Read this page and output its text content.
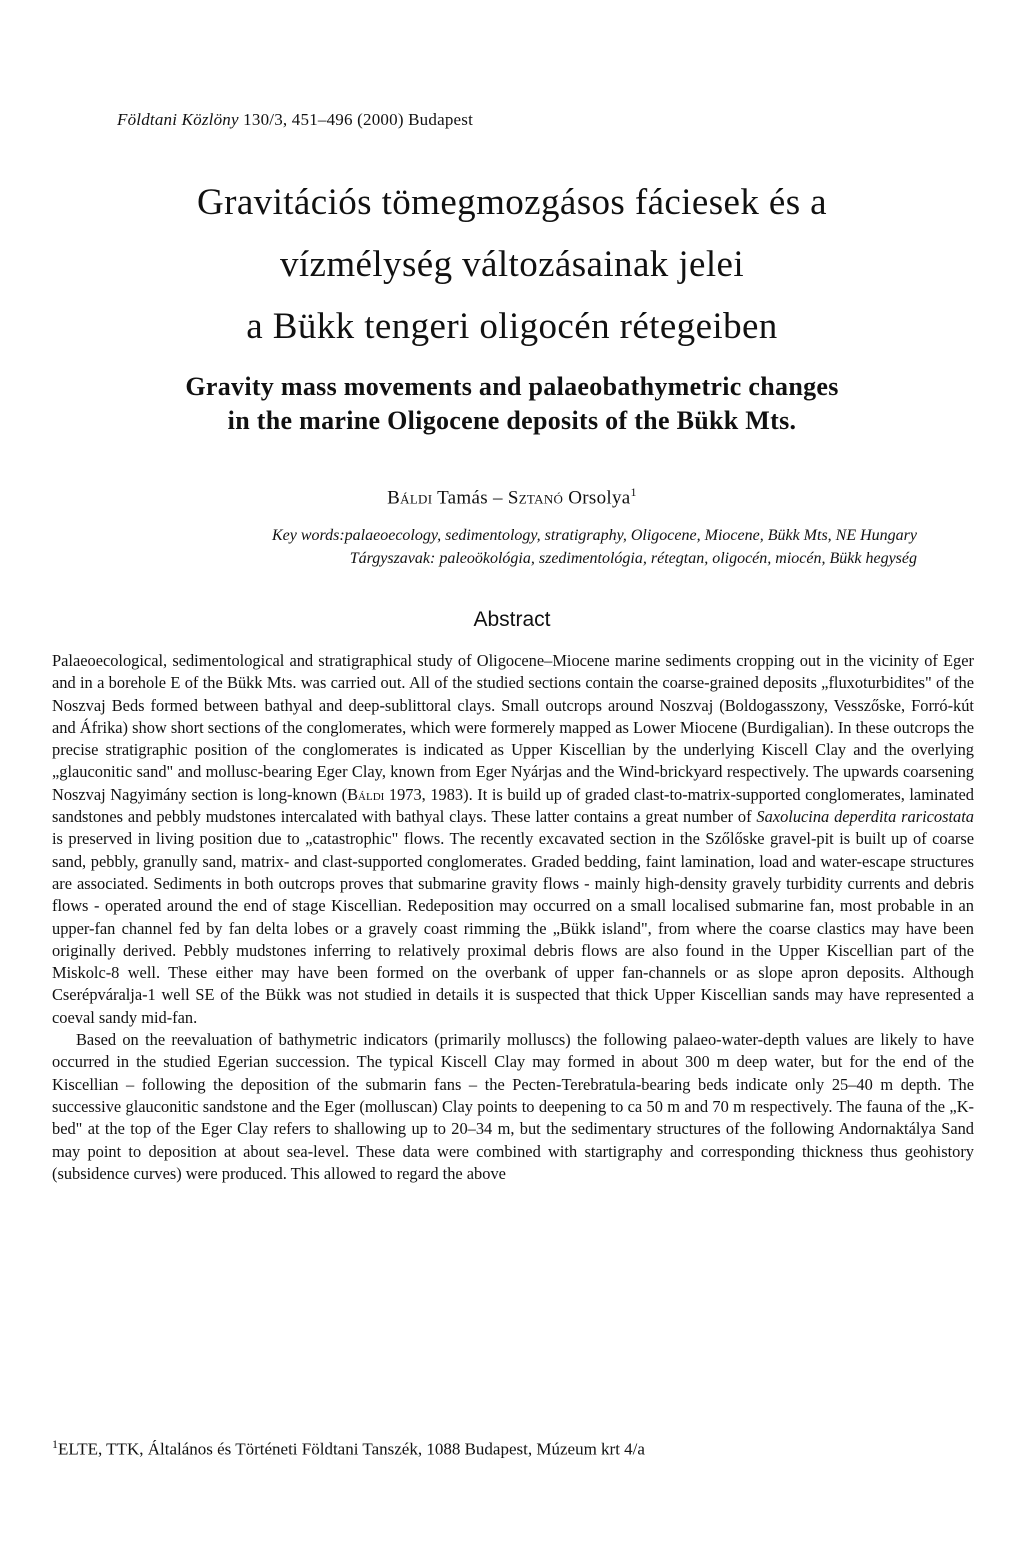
Földtani Közlöny 130/3, 451–496 (2000) Budapest
Gravitációs tömegmozgásos fáciesek és a
vízmélység változásainak jelei
a Bükk tengeri oligocén rétegeiben
Gravity mass movements and palaeobathymetric changes
in the marine Oligocene deposits of the Bükk Mts.
Báldi Tamás – Sztanó Orsolya$^1$
Key words:palaeoecology, sedimentology, stratigraphy, Oligocene, Miocene, Bükk Mts, NE Hungary
Tárgyszavak: paleoökológia, szedimentológia, rétegtan, oligocén, miocén, Bükk hegység
Abstract

Palaeoecological, sedimentological and stratigraphical study of Oligocene–Miocene marine sediments cropping out in the vicinity of Eger and in a borehole E of the Bükk Mts. was carried out. All of the studied sections contain the coarse-grained deposits „fluxoturbidites" of the Noszvaj Beds formed between bathyal and deep-sublittoral clays. Small outcrops around Noszvaj (Boldogasszony, Vesszőske, Forró-kút and Áfrika) show short sections of the conglomerates, which were formerely mapped as Lower Miocene (Burdigalian). In these outcrops the precise stratigraphic position of the conglomerates is indicated as Upper Kiscellian by the underlying Kiscell Clay and the overlying „glauconitic sand" and mollusc-bearing Eger Clay, known from Eger Nyárjas and the Wind-brickyard respectively. The upwards coarsening Noszvaj Nagyimány section is long-known (Báldi 1973, 1983). It is build up of graded clast-to-matrix-supported conglomerates, laminated sandstones and pebbly mudstones intercalated with bathyal clays. These latter contains a great number of Saxolucina deperdita raricostata is preserved in living position due to „catastrophic" flows. The recently excavated section in the Szőlőske gravel-pit is built up of coarse sand, pebbly, granully sand, matrix- and clast-supported conglomerates. Graded bedding, faint lamination, load and water-escape structures are associated. Sediments in both outcrops proves that submarine gravity flows - mainly high-density gravely turbidity currents and debris flows - operated around the end of stage Kiscellian. Redeposition may occurred on a small localised submarine fan, most probable in an upper-fan channel fed by fan delta lobes or a gravely coast rimming the „Bükk island", from where the coarse clastics may have been originally derived. Pebbly mudstones inferring to relatively proximal debris flows are also found in the Upper Kiscellian part of the Miskolc-8 well. These either may have been formed on the overbank of upper fan-channels or as slope apron deposits. Although Cserépváralja-1 well SE of the Bükk was not studied in details it is suspected that thick Upper Kiscellian sands may have represented a coeval sandy mid-fan.

Based on the reevaluation of bathymetric indicators (primarily molluscs) the following palaeo-water-depth values are likely to have occurred in the studied Egerian succession. The typical Kiscell Clay may formed in about 300 m deep water, but for the end of the Kiscellian – following the deposition of the submarin fans – the Pecten-Terebratula-bearing beds indicate only 25–40 m depth. The successive glauconitic sandstone and the Eger (molluscan) Clay points to deepening to ca 50 m and 70 m respectively. The fauna of the „K-bed" at the top of the Eger Clay refers to shallowing up to 20–34 m, but the sedimentary structures of the following Andornaktálya Sand may point to deposition at about sea-level. These data were combined with startigraphy and corresponding thickness thus geohistory (subsidence curves) were produced. This allowed to regard the above

$^1$ELTE, TTK, Általános és Történeti Földtani Tanszék, 1088 Budapest, Múzeum krt 4/a
